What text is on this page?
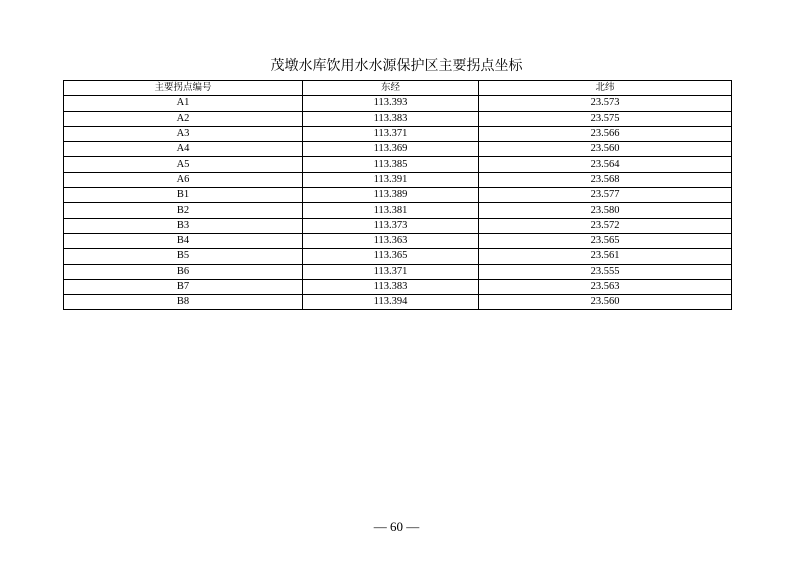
茂墩水库饮用水水源保护区主要拐点坐标
主要拐点编号	东经	北纬
A1	113.393	23.573
A2	113.383	23.575
A3	113.371	23.566
A4	113.369	23.560
A5	113.385	23.564
A6	113.391	23.568
B1	113.389	23.577
B2	113.381	23.580
B3	113.373	23.572
B4	113.363	23.565
B5	113.365	23.561
B6	113.371	23.555
B7	113.383	23.563
B8	113.394	23.560
— 60 —
